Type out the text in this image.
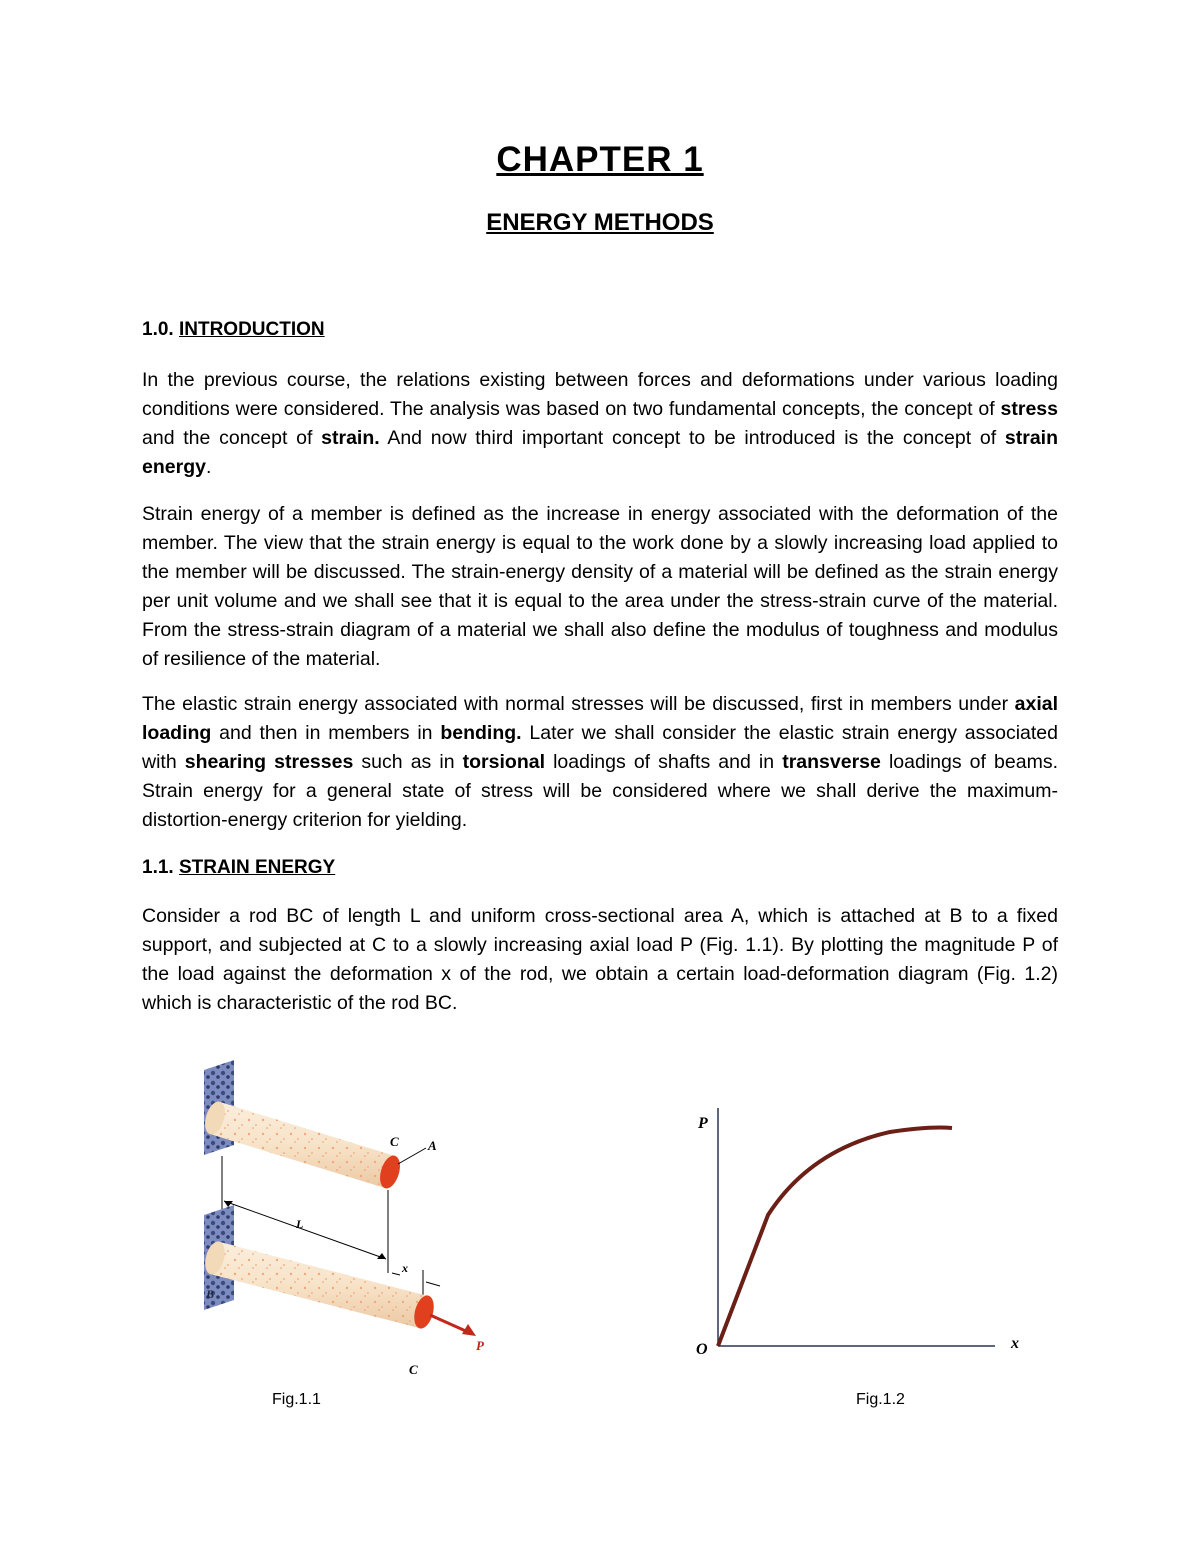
CHAPTER 1
ENERGY METHODS
1.0. INTRODUCTION

In the previous course, the relations existing between forces and deformations under various loading conditions were considered. The analysis was based on two fundamental concepts, the concept of stress and the concept of strain. And now third important concept to be introduced is the concept of strain energy.

Strain energy of a member is defined as the increase in energy associated with the deformation of the member. The view that the strain energy is equal to the work done by a slowly increasing load applied to the member will be discussed. The strain-energy density of a material will be defined as the strain energy per unit volume and we shall see that it is equal to the area under the stress-strain curve of the material. From the stress-strain diagram of a material we shall also define the modulus of toughness and modulus of resilience of the material.

The elastic strain energy associated with normal stresses will be discussed, first in members under axial loading and then in members in bending. Later we shall consider the elastic strain energy associated with shearing stresses such as in torsional loadings of shafts and in transverse loadings of beams. Strain energy for a general state of stress will be considered where we shall derive the maximum-distortion-energy criterion for yielding.

1.1. STRAIN ENERGY

Consider a rod BC of length L and uniform cross-sectional area A, which is attached at B to a fixed support, and subjected at C to a slowly increasing axial load P (Fig. 1.1). By plotting the magnitude P of the load against the deformation x of the rod, we obtain a certain load-deformation diagram (Fig. 1.2) which is characteristic of the rod BC.

C A
L
x
B
P
C
Fig.1.1
P
O	x
Fig.1.2
